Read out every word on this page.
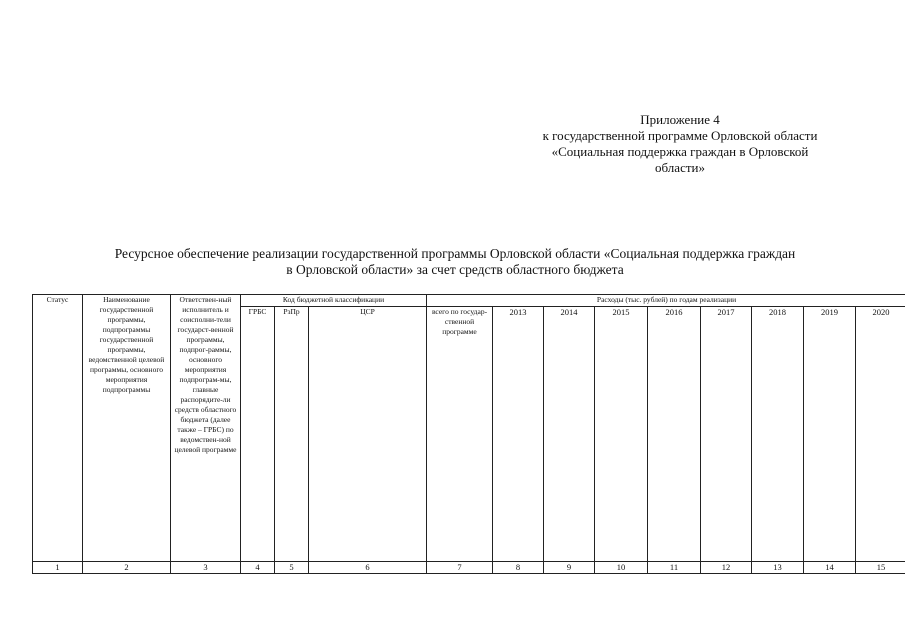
Приложение 4
к государственной программе Орловской области
«Социальная поддержка граждан в Орловской
области»
Ресурсное обеспечение реализации государственной программы Орловской области «Социальная поддержка граждан
в Орловской области» за счет средств областного бюджета
Статус	Наименование государственной программы, подпрограммы государственной программы, ведомственной целевой программы, основного мероприятия подпрограммы	Ответствен-ный исполнитель и соисполни-тели государст-венной программы, подпрог-раммы, основного мероприятия подпрограм-мы, главные распорядите-ли средств областного бюджета (далее также – ГРБС) по ведомствен-ной целевой программе	Код бюджетной классификации			Расходы (тыс. рублей) по годам реализации								
			ГРБС	РзПр	ЦСР	всего по государ-ственной программе	2013	2014	2015	2016	2017	2018	2019	2020
1	2	3	4	5	6	7	8	9	10	11	12	13	14	15
